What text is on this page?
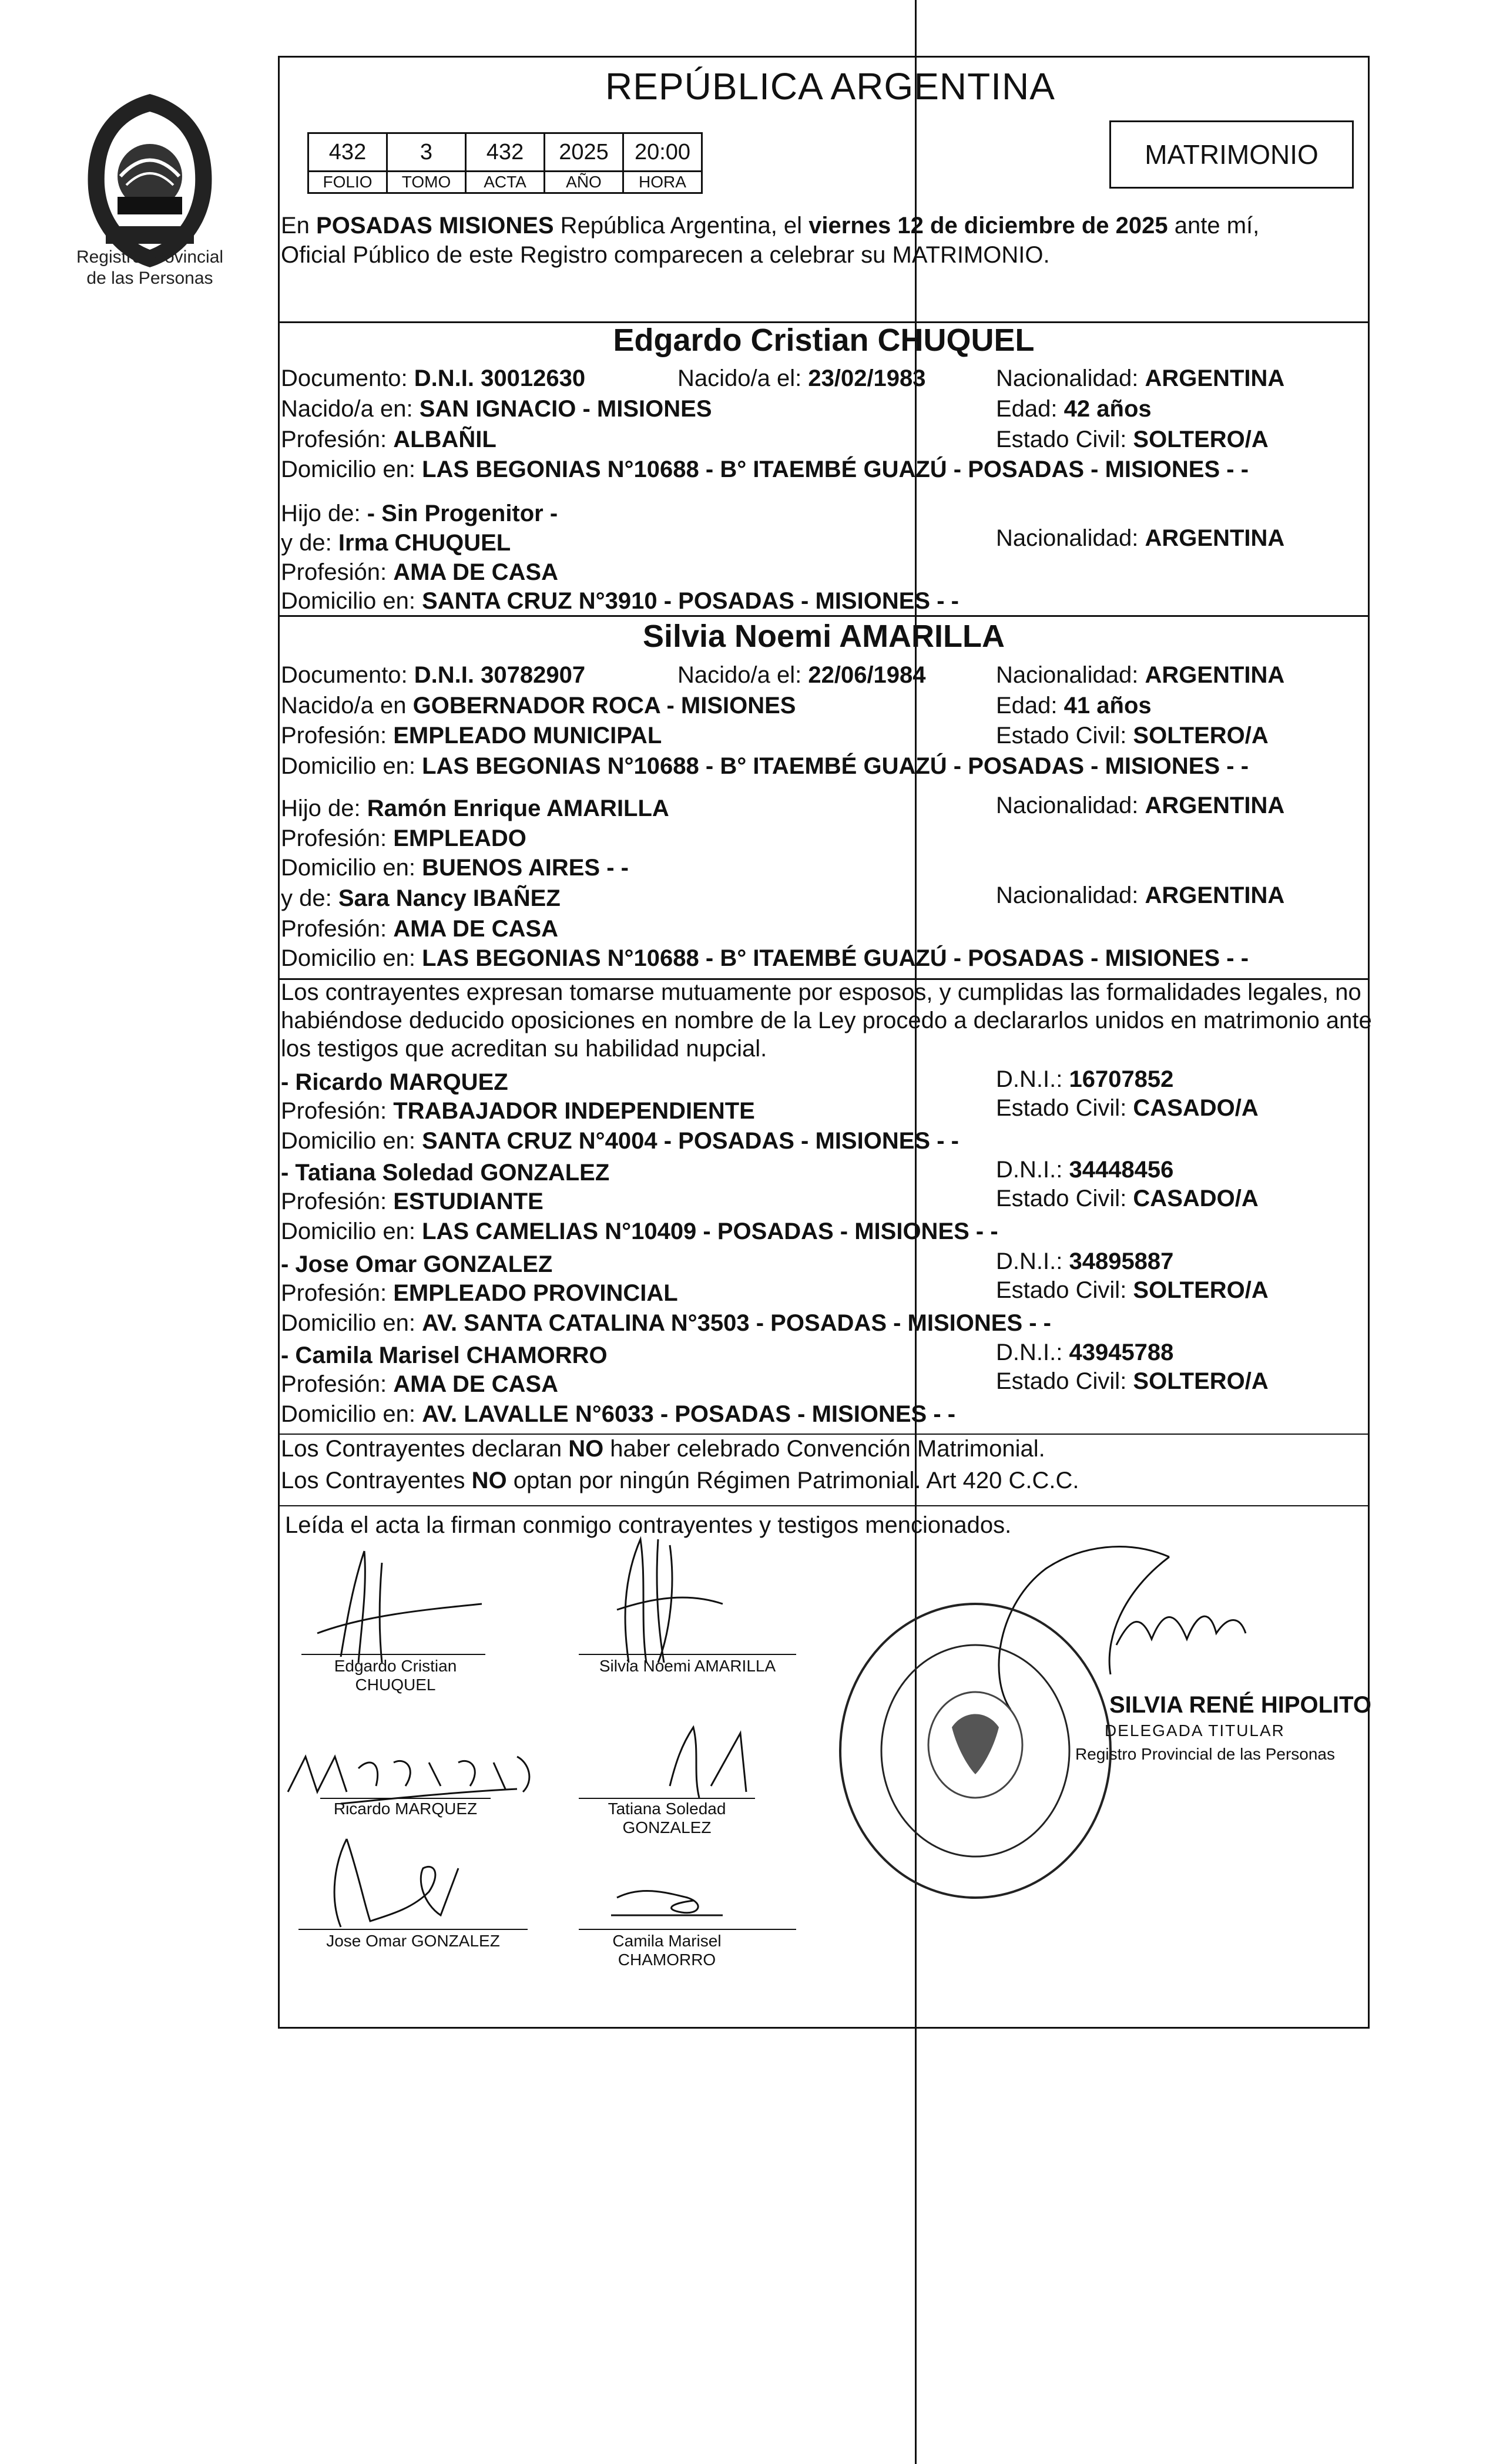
Registro Provincial
de las Personas
REPÚBLICA ARGENTINA
432	3	432	2025	20:00
FOLIO	TOMO	ACTA	AÑO	HORA
MATRIMONIO
En POSADAS MISIONES República Argentina, el viernes 12 de diciembre de 2025 ante mí,
Oficial Público de este Registro comparecen a celebrar su MATRIMONIO.
Edgardo Cristian CHUQUEL
Documento: D.N.I. 30012630	Nacido/a el: 23/02/1983	Nacionalidad: ARGENTINA
Nacido/a en: SAN IGNACIO - MISIONES	Edad: 42 años
Profesión: ALBAÑIL	Estado Civil: SOLTERO/A
Domicilio en: LAS BEGONIAS N°10688 - B° ITAEMBÉ GUAZÚ - POSADAS - MISIONES - -
Hijo de: - Sin Progenitor -
y de: Irma CHUQUEL	Nacionalidad: ARGENTINA
Profesión: AMA DE CASA
Domicilio en: SANTA CRUZ N°3910 - POSADAS - MISIONES - -
Silvia Noemi AMARILLA
Documento: D.N.I. 30782907	Nacido/a el: 22/06/1984	Nacionalidad: ARGENTINA
Nacido/a en GOBERNADOR ROCA - MISIONES	Edad: 41 años
Profesión: EMPLEADO MUNICIPAL	Estado Civil: SOLTERO/A
Domicilio en: LAS BEGONIAS N°10688 - B° ITAEMBÉ GUAZÚ - POSADAS - MISIONES - -
Hijo de: Ramón Enrique AMARILLA	Nacionalidad: ARGENTINA
Profesión: EMPLEADO
Domicilio en: BUENOS AIRES - -
y de: Sara Nancy IBAÑEZ	Nacionalidad: ARGENTINA
Profesión: AMA DE CASA
Domicilio en: LAS BEGONIAS N°10688 - B° ITAEMBÉ GUAZÚ - POSADAS - MISIONES - -
Los contrayentes expresan tomarse mutuamente por esposos, y cumplidas las formalidades legales, no
habiéndose deducido oposiciones en nombre de la Ley procedo a declararlos unidos en matrimonio ante
los testigos que acreditan su habilidad nupcial.
- Ricardo MARQUEZ	D.N.I.: 16707852
Profesión: TRABAJADOR INDEPENDIENTE	Estado Civil: CASADO/A
Domicilio en: SANTA CRUZ N°4004 - POSADAS - MISIONES - -
- Tatiana Soledad GONZALEZ	D.N.I.: 34448456
Profesión: ESTUDIANTE	Estado Civil: CASADO/A
Domicilio en: LAS CAMELIAS N°10409 - POSADAS - MISIONES - -
- Jose Omar GONZALEZ	D.N.I.: 34895887
Profesión: EMPLEADO PROVINCIAL	Estado Civil: SOLTERO/A
Domicilio en: AV. SANTA CATALINA N°3503 - POSADAS - MISIONES - -
- Camila Marisel CHAMORRO	D.N.I.: 43945788
Profesión: AMA DE CASA	Estado Civil: SOLTERO/A
Domicilio en: AV. LAVALLE N°6033 - POSADAS - MISIONES - -
Los Contrayentes declaran NO haber celebrado Convención Matrimonial.
Los Contrayentes NO optan por ningún Régimen Patrimonial. Art 420 C.C.C.
Leída el acta la firman conmigo contrayentes y testigos mencionados.
Edgardo Cristian
CHUQUEL
Silvia Noemi AMARILLA
Ricardo MARQUEZ	Tatiana Soledad
GONZALEZ
Jose Omar GONZALEZ	Camila Marisel
CHAMORRO
SILVIA RENÉ HIPOLITO
DELEGADA TITULAR
Registro Provincial de las Personas
